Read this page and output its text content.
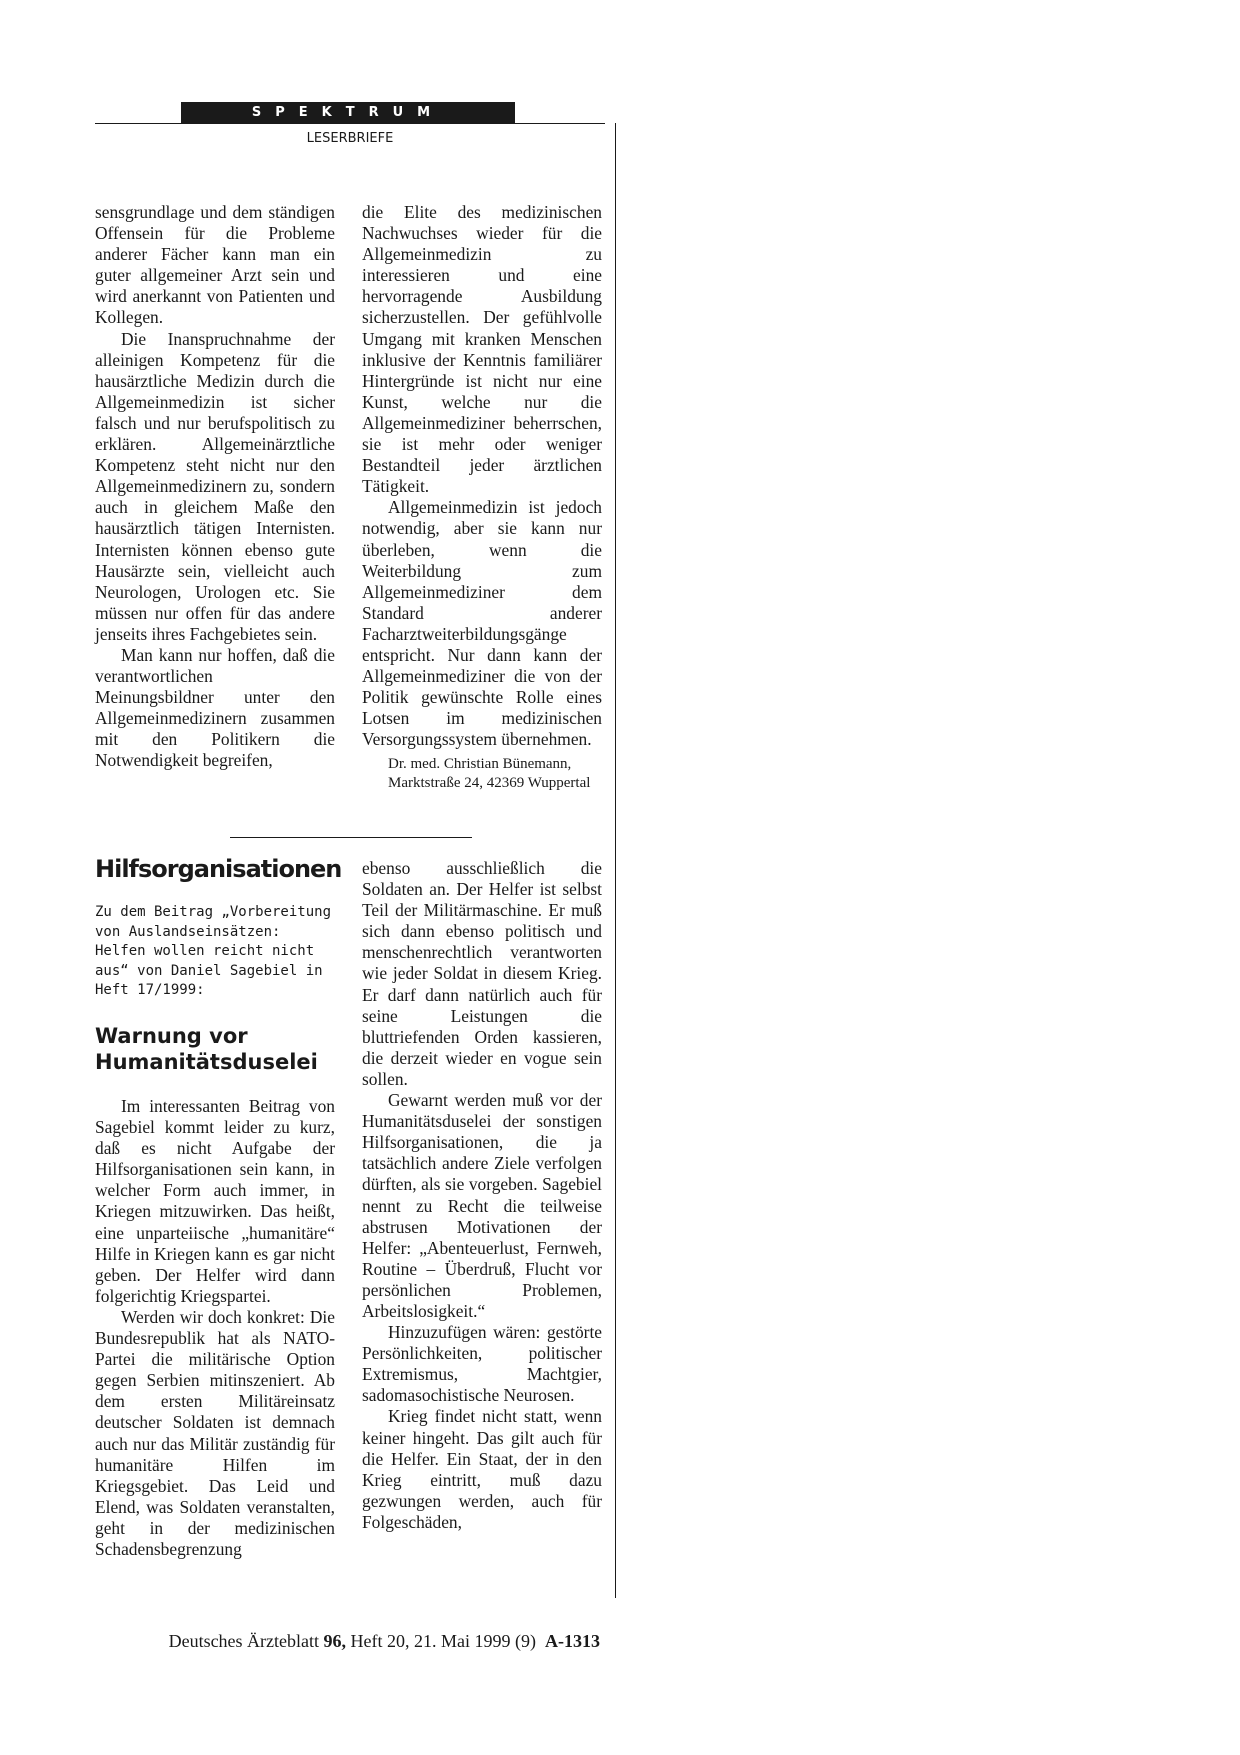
SPEKTRUM
LESERBRIEFE

sensgrundlage und dem ständigen Offensein für die Probleme anderer Fächer kann man ein guter allgemeiner Arzt sein und wird anerkannt von Patienten und Kollegen.

Die Inanspruchnahme der alleinigen Kompetenz für die hausärztliche Medizin durch die Allgemeinmedizin ist sicher falsch und nur berufspolitisch zu erklären. Allgemeinärztliche Kompetenz steht nicht nur den Allgemeinmedizinern zu, sondern auch in gleichem Maße den hausärztlich tätigen Internisten. Internisten können ebenso gute Hausärzte sein, vielleicht auch Neurologen, Urologen etc. Sie müssen nur offen für das andere jenseits ihres Fachgebietes sein.

Man kann nur hoffen, daß die verantwortlichen Meinungsbildner unter den Allgemeinmedizinern zusammen mit den Politikern die Notwendigkeit begreifen,

die Elite des medizinischen Nachwuchses wieder für die Allgemeinmedizin zu interessieren und eine hervorragende Ausbildung sicherzustellen. Der gefühlvolle Umgang mit kranken Menschen inklusive der Kenntnis familiärer Hintergründe ist nicht nur eine Kunst, welche nur die Allgemeinmediziner beherrschen, sie ist mehr oder weniger Bestandteil jeder ärztlichen Tätigkeit.

Allgemeinmedizin ist jedoch notwendig, aber sie kann nur überleben, wenn die Weiterbildung zum Allgemeinmediziner dem Standard anderer Facharztweiterbildungsgänge entspricht. Nur dann kann der Allgemeinmediziner die von der Politik gewünschte Rolle eines Lotsen im medizinischen Versorgungssystem übernehmen.

Dr. med. Christian Bünemann, Marktstraße 24, 42369 Wuppertal

Hilfsorganisationen
Zu dem Beitrag „Vorbereitung von Auslandseinsätzen: Helfen wollen reicht nicht aus“ von Daniel Sagebiel in Heft 17/1999:
Warnung vor Humanitätsduselei

Im interessanten Beitrag von Sagebiel kommt leider zu kurz, daß es nicht Aufgabe der Hilfsorganisationen sein kann, in welcher Form auch immer, in Kriegen mitzuwirken. Das heißt, eine unparteiische „humanitäre“ Hilfe in Kriegen kann es gar nicht geben. Der Helfer wird dann folgerichtig Kriegspartei.

Werden wir doch konkret: Die Bundesrepublik hat als NATO-Partei die militärische Option gegen Serbien mitinszeniert. Ab dem ersten Militäreinsatz deutscher Soldaten ist demnach auch nur das Militär zuständig für humanitäre Hilfen im Kriegsgebiet. Das Leid und Elend, was Soldaten veranstalten, geht in der medizinischen Schadensbegrenzung

ebenso ausschließlich die Soldaten an. Der Helfer ist selbst Teil der Militärmaschine. Er muß sich dann ebenso politisch und menschenrechtlich verantworten wie jeder Soldat in diesem Krieg. Er darf dann natürlich auch für seine Leistungen die bluttriefenden Orden kassieren, die derzeit wieder en vogue sein sollen.

Gewarnt werden muß vor der Humanitätsduselei der sonstigen Hilfsorganisationen, die ja tatsächlich andere Ziele verfolgen dürften, als sie vorgeben. Sagebiel nennt zu Recht die teilweise abstrusen Motivationen der Helfer: „Abenteuerlust, Fernweh, Routine – Überdruß, Flucht vor persönlichen Problemen, Arbeitslosigkeit.“

Hinzuzufügen wären: gestörte Persönlichkeiten, politischer Extremismus, Machtgier, sadomasochistische Neurosen.

Krieg findet nicht statt, wenn keiner hingeht. Das gilt auch für die Helfer. Ein Staat, der in den Krieg eintritt, muß dazu gezwungen werden, auch für Folgeschäden,

Deutsches Ärzteblatt 96, Heft 20, 21. Mai 1999 (9) A-1313
